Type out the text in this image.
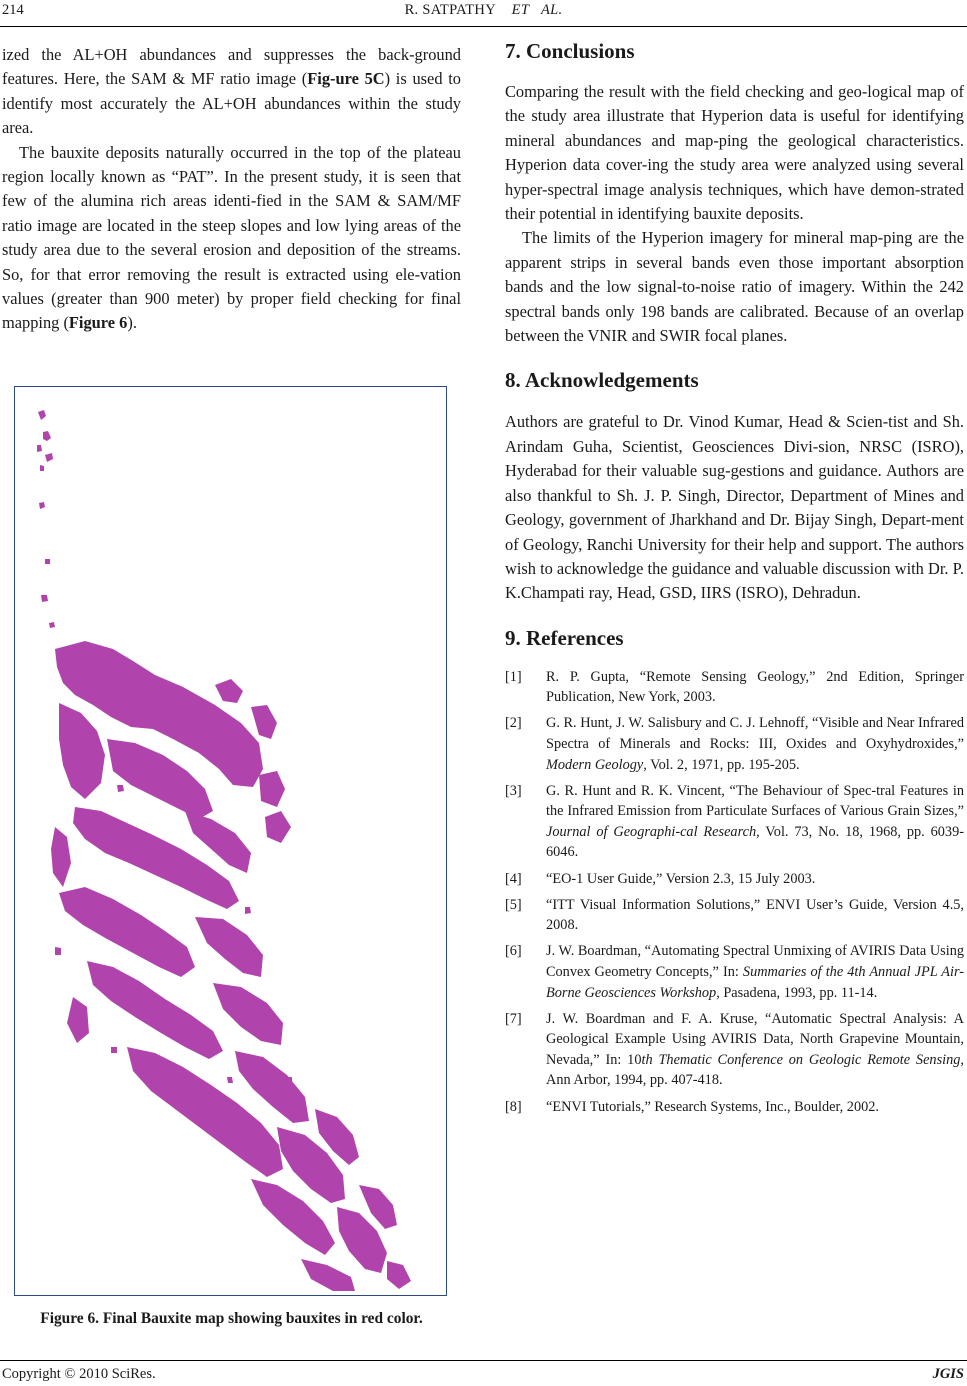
214	R. SATPATHY ET AL.

ized the AL+OH abundances and suppresses the back-ground features. Here, the SAM & MF ratio image (Fig-ure 5C) is used to identify most accurately the AL+OH abundances within the study area.

The bauxite deposits naturally occurred in the top of the plateau region locally known as “PAT”. In the present study, it is seen that few of the alumina rich areas identi-fied in the SAM & SAM/MF ratio image are located in the steep slopes and low lying areas of the study area due to the several erosion and deposition of the streams. So, for that error removing the result is extracted using ele-vation values (greater than 900 meter) by proper field checking for final mapping (Figure 6).

Figure 6. Final Bauxite map showing bauxites in red color.
7. Conclusions

Comparing the result with the field checking and geo-logical map of the study area illustrate that Hyperion data is useful for identifying mineral abundances and map-ping the geological characteristics. Hyperion data cover-ing the study area were analyzed using several hyper-spectral image analysis techniques, which have demon-strated their potential in identifying bauxite deposits.

The limits of the Hyperion imagery for mineral map-ping are the apparent strips in several bands even those important absorption bands and the low signal-to-noise ratio of imagery. Within the 242 spectral bands only 198 bands are calibrated. Because of an overlap between the VNIR and SWIR focal planes.

8. Acknowledgements

Authors are grateful to Dr. Vinod Kumar, Head & Scien-tist and Sh. Arindam Guha, Scientist, Geosciences Divi-sion, NRSC (ISRO), Hyderabad for their valuable sug-gestions and guidance. Authors are also thankful to Sh. J. P. Singh, Director, Department of Mines and Geology, government of Jharkhand and Dr. Bijay Singh, Depart-ment of Geology, Ranchi University for their help and support. The authors wish to acknowledge the guidance and valuable discussion with Dr. P. K.Champati ray, Head, GSD, IIRS (ISRO), Dehradun.

9. References
[1] R. P. Gupta, “Remote Sensing Geology,” 2nd Edition, Springer Publication, New York, 2003.
[2] G. R. Hunt, J. W. Salisbury and C. J. Lehnoff, “Visible and Near Infrared Spectra of Minerals and Rocks: III, Oxides and Oxyhydroxides,” Modern Geology, Vol. 2, 1971, pp. 195-205.
[3] G. R. Hunt and R. K. Vincent, “The Behaviour of Spec-tral Features in the Infrared Emission from Particulate Surfaces of Various Grain Sizes,” Journal of Geographi-cal Research, Vol. 73, No. 18, 1968, pp. 6039-6046.
[4] “EO-1 User Guide,” Version 2.3, 15 July 2003.
[5] “ITT Visual Information Solutions,” ENVI User’s Guide, Version 4.5, 2008.
[6] J. W. Boardman, “Automating Spectral Unmixing of AVIRIS Data Using Convex Geometry Concepts,” In: Summaries of the 4th Annual JPL Air-Borne Geosciences Workshop, Pasadena, 1993, pp. 11-14.
[7] J. W. Boardman and F. A. Kruse, “Automatic Spectral Analysis: A Geological Example Using AVIRIS Data, North Grapevine Mountain, Nevada,” In: 10th Thematic Conference on Geologic Remote Sensing, Ann Arbor, 1994, pp. 407-418.
[8] “ENVI Tutorials,” Research Systems, Inc., Boulder, 2002.
Copyright © 2010 SciRes.	JGIS
